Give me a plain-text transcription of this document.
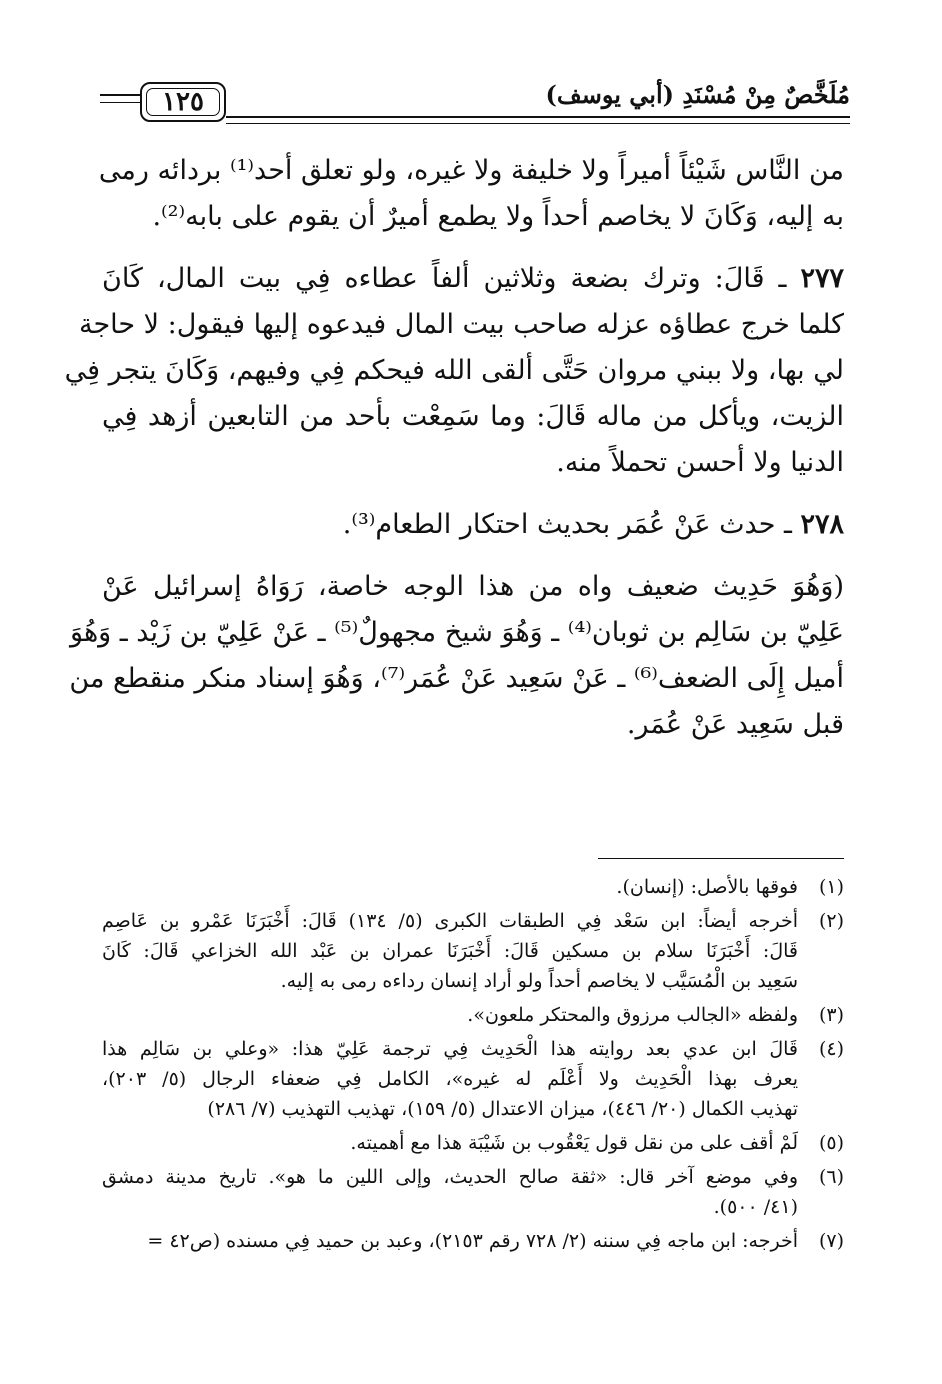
١٢٥	مُلَخَّصٌ مِنْ مُسْنَدِ (أبي يوسف)
من النَّاس شَيْئاً أميراً ولا خليفة ولا غيره، ولو تعلق أحد⁽¹⁾ بردائه رمى
به إليه، وَكَانَ لا يخاصم أحداً ولا يطمع أميرٌ أن يقوم على بابه⁽²⁾.
٢٧٧ ـ قَالَ: وترك بضعة وثلاثين ألفاً عطاءه فِي بيت المال، كَانَ
كلما خرج عطاؤه عزله صاحب بيت المال فيدعوه إليها فيقول: لا حاجة
لي بها، ولا ببني مروان حَتَّى ألقى الله فيحكم فِي وفيهم، وَكَانَ يتجر فِي
الزيت، ويأكل من ماله قَالَ: وما سَمِعْت بأحد من التابعين أزهد فِي
الدنيا ولا أحسن تحملاً منه.
٢٧٨ ـ حدث عَنْ عُمَر بحديث احتكار الطعام⁽³⁾.
(وَهُوَ حَدِيث ضعيف واه من هذا الوجه خاصة، رَوَاهُ إسرائيل عَنْ
عَلِيّ بن سَالِم بن ثوبان⁽⁴⁾ ـ وَهُوَ شيخ مجهولٌ⁽⁵⁾ ـ عَنْ عَلِيّ بن زَيْد ـ وَهُوَ
أميل إِلَى الضعف⁽⁶⁾ ـ عَنْ سَعِيد عَنْ عُمَر⁽⁷⁾، وَهُوَ إسناد منكر منقطع من
قبل سَعِيد عَنْ عُمَر.
(١)
فوقها بالأصل: (إنسان).
(٢)
أخرجه أيضاً: ابن سَعْد فِي الطبقات الكبرى (٥/ ١٣٤) قَالَ: أَخْبَرَنَا عَمْرو بن عَاصِم
قَالَ: أَخْبَرَنَا سلام بن مسكين قَالَ: أَخْبَرَنَا عمران بن عَبْد الله الخزاعي قَالَ: كَانَ
سَعِيد بن الْمُسَيَّب لا يخاصم أحداً ولو أراد إنسان رداءه رمى به إليه.
(٣)
ولفظه «الجالب مرزوق والمحتكر ملعون».
(٤)
قَالَ ابن عدي بعد روايته هذا الْحَدِيث فِي ترجمة عَلِيّ هذا: «وعلي بن سَالِم هذا
يعرف بهذا الْحَدِيث ولا أَعْلَم له غيره»، الكامل فِي ضعفاء الرجال (٥/ ٢٠٣)،
تهذيب الكمال (٢٠/ ٤٤٦)، ميزان الاعتدال (٥/ ١٥٩)، تهذيب التهذيب (٧/ ٢٨٦)
(٥)
لَمْ أقف على من نقل قول يَعْقُوب بن شَيْبَة هذا مع أهميته.
(٦)
وفي موضع آخر قال: «ثقة صالح الحديث، وإلى اللين ما هو». تاريخ مدينة دمشق
(٤١/ ٥٠٠).
(٧)
أخرجه: ابن ماجه فِي سننه (٢/ ٧٢٨ رقم ٢١٥٣)، وعبد بن حميد فِي مسنده (ص٤٢ =
